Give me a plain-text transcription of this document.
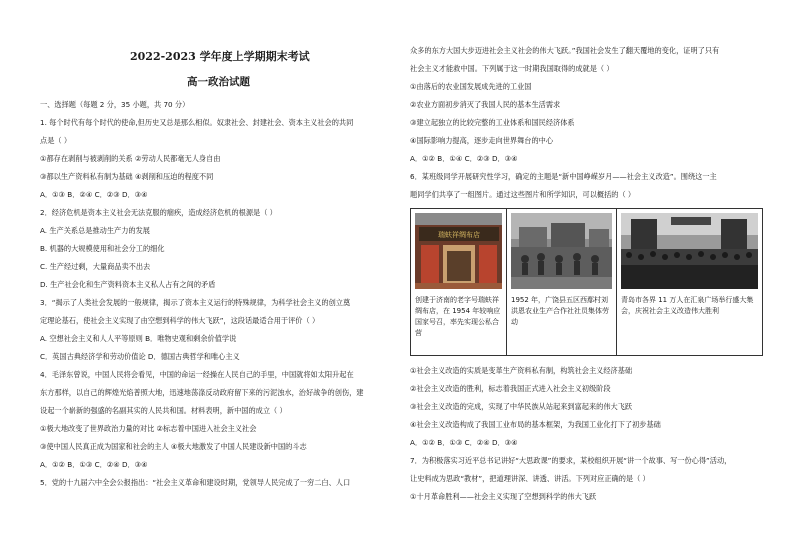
2022-2023 学年度上学期期末考试
高一政治试题
一、选择题（每题 2 分，35 小题，共 70 分）
1. 每个时代有每个时代的使命,但历史又总是那么相似。奴隶社会、封建社会、资本主义社会的共同
点是（ ）
①都存在剥削与被剥削的关系 ②劳动人民都毫无人身自由
③都以生产资料私有制为基础 ④剥削和压迫的程度不同
A．①③ B．②④ C．②③ D．③④
2．经济危机是资本主义社会无法克服的痼疾，造成经济危机的根源是（ ）
A. 生产关系总是推动生产力的发展
B. 机器的大规模使用和社会分工的细化
C. 生产经过剩，大量商品卖不出去
D. 生产社会化和生产资料资本主义私人占有之间的矛盾
3．“揭示了人类社会发展的一般规律，揭示了资本主义运行的特殊规律，为科学社会主义的创立奠
定理论基石，使社会主义实现了由空想到科学的伟大飞跃”，这段话最适合用于评价（ ）
A. 空想社会主义和人人平等原则 B．唯物史观和剩余价值学说
C．英国古典经济学和劳动价值论 D．德国古典哲学和唯心主义
4．毛泽东曾说，中国人民将会看见，中国的命运一经操在人民自己的手里，中国就将如太阳升起在
东方那样，以自己的辉煌光焰普照大地，迅速地荡涤反动政府留下来的污泥浊水，治好战争的创伤，建
设起一个崭新的强盛的名副其实的人民共和国。材料表明，新中国的成立（ ）
①极大地改变了世界政治力量的对比 ②标志着中国进入社会主义社会
③使中国人民真正成为国家和社会的主人 ④极大地激发了中国人民建设新中国的斗志
A．①② B．①③ C．②④ D．③④
5．党的十九届六中全会公报指出：“社会主义革命和建设时期，党领导人民完成了一穷二白、人口
众多的东方大国大步迈进社会主义社会的伟大飞跃。”我国社会发生了翻天覆地的变化，证明了只有
社会主义才能救中国。下列属于这一时期我国取得的成就是（ ）
①由落后的农业国发展成先进的工业国
②农业方面初步消灭了我国人民的基本生活需求
③建立起独立的比较完整的工业体系和国民经济体系
④国际影响力提高，逐步走向世界舞台的中心
A．①② B．①④ C．②③ D．③④
6．某班级同学开展研究性学习，确定的主题是“新中国峥嵘岁月——社会主义改造”。围绕这一主
题同学们共享了一组图片。通过这些图片和所学知识，可以概括的（ ）
瑞蚨祥绸布店
创建于济南的老字号瑞蚨祥绸布店，在 1954 年较响应国家号召，率先实现公私合营
1952 年，广饶县五区西鄢村刘洪恩农业生产合作社社员集体劳动
青岛市各界 11 万人在汇泉广场举行盛大集会，庆祝社会主义改造伟大胜利
①社会主义改造的实质是变革生产资料私有制，构筑社会主义经济基础
②社会主义改造的胜利，标志着我国正式进入社会主义初级阶段
③社会主义改造的完成，实现了中华民族从站起来到富起来的伟大飞跃
④社会主义改造构成了我国工业布局的基本框架，为我国工业化打下了初步基础
A．①② B．①③ C．②④ D．③④
7．为积极落实习近平总书记讲好“大思政课”的要求，某校组织开展“讲一个故事、写一份心得”活动，
让史料成为思政“教材”，把道理讲深、讲透、讲活。下列对应正确的是（ ）
①十月革命胜利——社会主义实现了空想到科学的伟大飞跃
